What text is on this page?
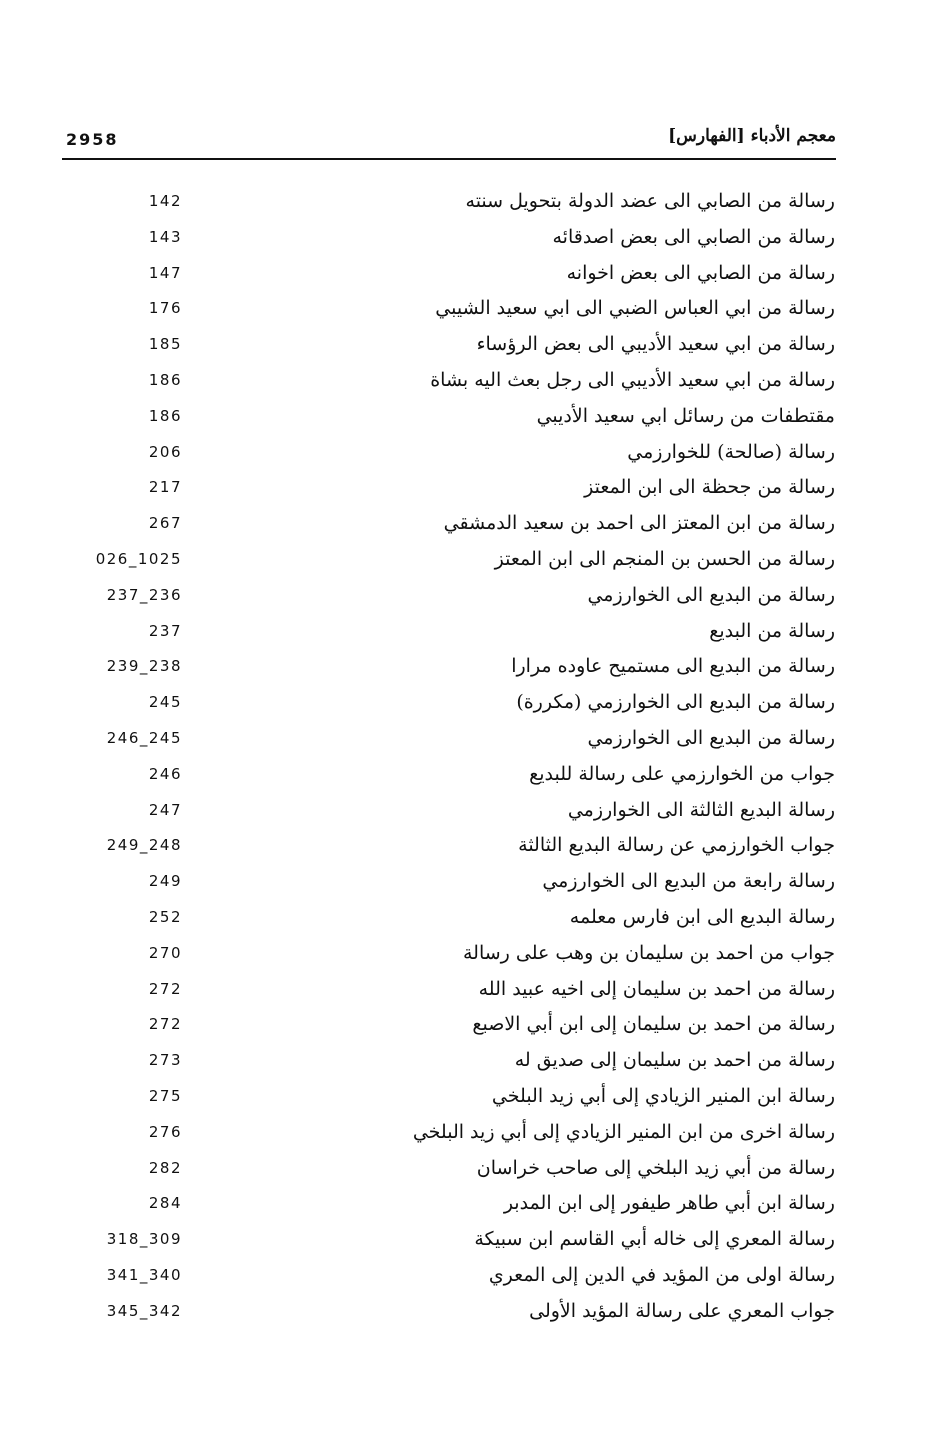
2958	معجم الأدباء [الفهارس]
رسالة من الصابي الى عضد الدولة بتحويل سنته
142
رسالة من الصابي الى بعض اصدقائه
143
رسالة من الصابي الى بعض اخوانه
147
رسالة من ابي العباس الضبي الى ابي سعيد الشيبي
176
رسالة من ابي سعيد الأديبي الى بعض الرؤساء
185
رسالة من ابي سعيد الأديبي الى رجل بعث اليه بشاة
186
مقتطفات من رسائل ابي سعيد الأديبي
186
رسالة (صالحة) للخوارزمي
206
رسالة من جحظة الى ابن المعتز
217
رسالة من ابن المعتز الى احمد بن سعيد الدمشقي
267
رسالة من الحسن بن المنجم الى ابن المعتز
026_1025
رسالة من البديع الى الخوارزمي
237_236
رسالة من البديع
237
رسالة من البديع الى مستميح عاوده مرارا
239_238
رسالة من البديع الى الخوارزمي (مكررة)
245
رسالة من البديع الى الخوارزمي
246_245
جواب من الخوارزمي على رسالة للبديع
246
رسالة البديع الثالثة الى الخوارزمي
247
جواب الخوارزمي عن رسالة البديع الثالثة
249_248
رسالة رابعة من البديع الى الخوارزمي
249
رسالة البديع الى ابن فارس معلمه
252
جواب من احمد بن سليمان بن وهب على رسالة
270
رسالة من احمد بن سليمان إلى اخيه عبيد الله
272
رسالة من احمد بن سليمان إلى ابن أبي الاصبع
272
رسالة من احمد بن سليمان إلى صديق له
273
رسالة ابن المنير الزيادي إلى أبي زيد البلخي
275
رسالة اخرى من ابن المنير الزيادي إلى أبي زيد البلخي
276
رسالة من أبي زيد البلخي إلى صاحب خراسان
282
رسالة ابن أبي طاهر طيفور إلى ابن المدبر
284
رسالة المعري إلى خاله أبي القاسم ابن سبيكة
318_309
رسالة اولى من المؤيد في الدين إلى المعري
341_340
جواب المعري على رسالة المؤيد الأولى
345_342
